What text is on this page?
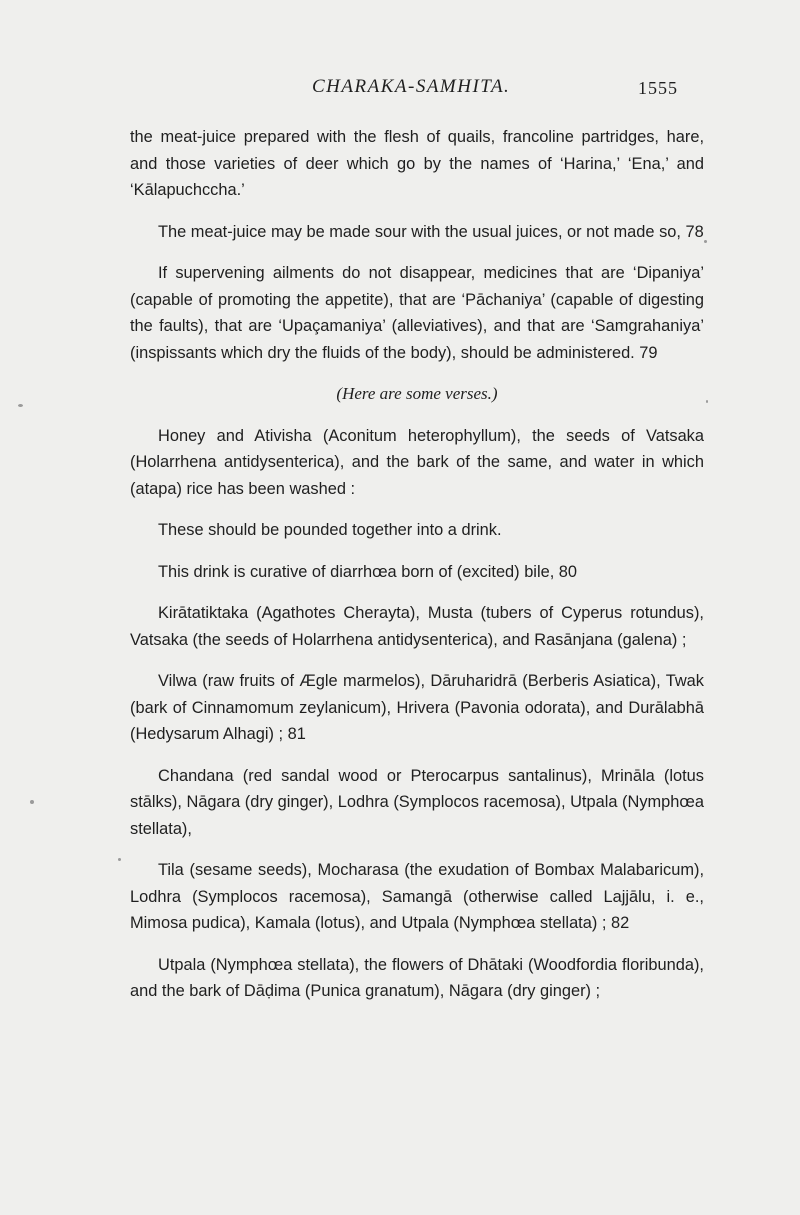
CHARAKA-SAMHITA.	1555

the meat-juice prepared with the flesh of quails, francoline partridges, hare, and those varieties of deer which go by the names of ‘Harina,’ ‘Ena,’ and ‘Kālapuchccha.’

The meat-juice may be made sour with the usual juices, or not made so, 78

If supervening ailments do not disappear, medicines that are ‘Dipaniya’ (capable of promoting the appetite), that are ‘Pāchaniya’ (capable of digesting the faults), that are ‘Upaçamaniya’ (alleviatives), and that are ‘Samgrahaniya’ (inspissants which dry the fluids of the body), should be administered. 79

(Here are some verses.)

Honey and Ativisha (Aconitum heterophyllum), the seeds of Vatsaka (Holarrhena antidysenterica), and the bark of the same, and water in which (atapa) rice has been washed :

These should be pounded together into a drink.

This drink is curative of diarrhœa born of (excited) bile, 80

Kirātatiktaka (Agathotes Cherayta), Musta (tubers of Cyperus rotundus), Vatsaka (the seeds of Holarrhena antidysenterica), and Rasānjana (galena) ;

Vilwa (raw fruits of Ægle marmelos), Dāruharidrā (Berberis Asiatica), Twak (bark of Cinnamomum zeylanicum), Hrivera (Pavonia odorata), and Durālabhā (Hedysarum Alhagi) ; 81

Chandana (red sandal wood or Pterocarpus santalinus), Mrināla (lotus stālks), Nāgara (dry ginger), Lodhra (Symplocos racemosa), Utpala (Nymphœa stellata),

Tila (sesame seeds), Mocharasa (the exudation of Bombax Malabaricum), Lodhra (Symplocos racemosa), Samangā (otherwise called Lajjālu, i. e., Mimosa pudica), Kamala (lotus), and Utpala (Nymphœa stellata) ; 82

Utpala (Nymphœa stellata), the flowers of Dhātaki (Woodfordia floribunda), and the bark of Dāḍima (Punica granatum), Nāgara (dry ginger) ;
